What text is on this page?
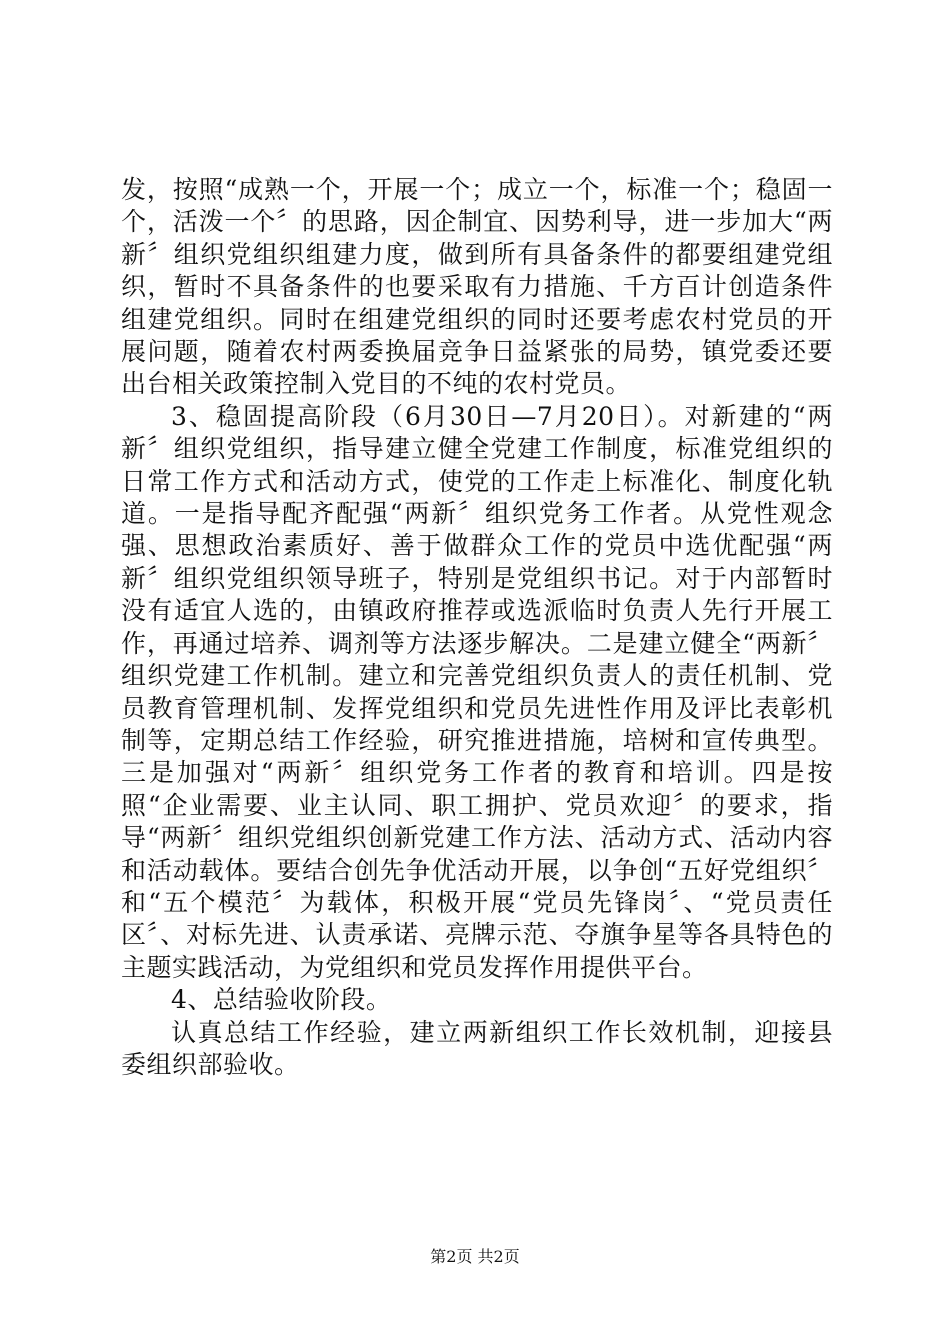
发，按照“成熟一个，开展一个；成立一个，标准一个；稳固一个，活泼一个〞的思路，因企制宜、因势利导，进一步加大“两新〞组织党组织组建力度，做到所有具备条件的都要组建党组织，暂时不具备条件的也要采取有力措施、千方百计创造条件组建党组织。同时在组建党组织的同时还要考虑农村党员的开展问题，随着农村两委换届竞争日益紧张的局势，镇党委还要出台相关政策控制入党目的不纯的农村党员。

3、稳固提高阶段（6月30日—7月20日）。对新建的“两新〞组织党组织，指导建立健全党建工作制度，标准党组织的日常工作方式和活动方式，使党的工作走上标准化、制度化轨道。一是指导配齐配强“两新〞组织党务工作者。从党性观念强、思想政治素质好、善于做群众工作的党员中选优配强“两新〞组织党组织领导班子，特别是党组织书记。对于内部暂时没有适宜人选的，由镇政府推荐或选派临时负责人先行开展工作，再通过培养、调剂等方法逐步解决。二是建立健全“两新〞组织党建工作机制。建立和完善党组织负责人的责任机制、党员教育管理机制、发挥党组织和党员先进性作用及评比表彰机制等，定期总结工作经验，研究推进措施，培树和宣传典型。三是加强对“两新〞组织党务工作者的教育和培训。四是按照“企业需要、业主认同、职工拥护、党员欢迎〞的要求，指导“两新〞组织党组织创新党建工作方法、活动方式、活动内容和活动载体。要结合创先争优活动开展，以争创“五好党组织〞和“五个模范〞为载体，积极开展“党员先锋岗〞、“党员责任区〞、对标先进、认责承诺、亮牌示范、夺旗争星等各具特色的主题实践活动，为党组织和党员发挥作用提供平台。

4、总结验收阶段。

认真总结工作经验，建立两新组织工作长效机制，迎接县委组织部验收。

第2页 共2页
